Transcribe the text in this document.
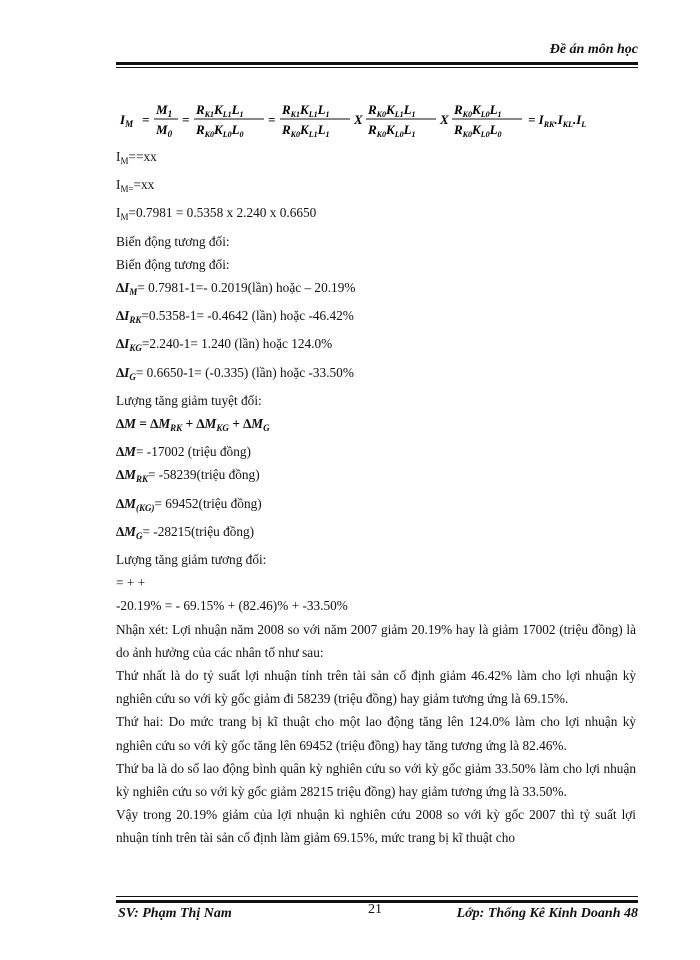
Đề án môn học
$I_M$ =
$M_1$
$M_0$
=
$R_{K1}K_{L1}L_1$
$R_{K0}K_{L0}L_0$
=
$R_{K1}K_{L1}L_1$
$R_{K0}K_{L1}L_1$
X
$R_{K0}K_{L1}L_1$
$R_{K0}K_{L0}L_1$
X
$R_{K0}K_{L0}L_1$
$R_{K0}K_{L0}L_0$
= $I_{RK}.I_{KL}.I_L$
$I_M==xx$
$I_{M=}=xx$
$I_M=0.7981 = 0.5358$ x 2.240 x 0.6650
Biến động tương đối:
Biến động tương đối:
$\Delta I_M= 0.7981-1=-$ 0.2019(lần) hoặc – 20.19%
$\Delta I_{RK}=0.5358-1= -0.4642$ (lần) hoặc -46.42%
$\Delta I_{KG}=2.240-1= 1.240$ (lần) hoặc 124.0%
$\Delta I_G= 0.6650-1= (-0.335)$ (lần) hoặc -33.50%
Lượng tăng giảm tuyệt đối:
$\Delta M = \Delta M_{RK} + \Delta M_{KG} + \Delta M_G$
∆M= -17002 (triệu đồng)
$\Delta M_{RK}=$ -58239(triệu đồng)
$\Delta M_{(KG)}=$ 69452(triệu đồng)
$\Delta M_G=$ -28215(triệu đồng)
Lượng tăng giảm tương đối:
= + +
-20.19% = - 69.15% + (82.46)% + -33.50%
Nhận xét: Lợi nhuận năm 2008 so với năm 2007 giảm 20.19% hay là giảm 17002 (triệu đồng) là do ảnh hưởng của các nhân tố như sau:
Thứ nhất là do tỷ suất lợi nhuận tính trên tài sản cố định giảm 46.42% làm cho lợi nhuận kỳ nghiên cứu so với kỳ gốc giảm đi 58239 (triệu đồng) hay giảm tương ứng là 69.15%.
Thứ hai: Do mức trang bị kĩ thuật cho một lao động tăng lên 124.0% làm cho lợi nhuận kỳ nghiên cứu so với kỳ gốc tăng lên 69452 (triệu đồng) hay tăng tương ứng là 82.46%.
Thứ ba là do số lao động bình quân kỳ nghiên cứu so với kỳ gốc giảm 33.50% làm cho lợi nhuận kỳ nghiên cứu so với kỳ gốc giảm 28215 triệu đồng) hay giảm tương ứng là 33.50%.
Vậy trong 20.19% giảm của lợi nhuận kì nghiên cứu 2008 so với kỳ gốc 2007 thì tỷ suất lợi nhuận tính trên tài sản cố định làm giảm 69.15%, mức trang bị kĩ thuật cho
SV: Phạm Thị Nam	21	Lớp: Thống Kê Kinh Doanh 48
